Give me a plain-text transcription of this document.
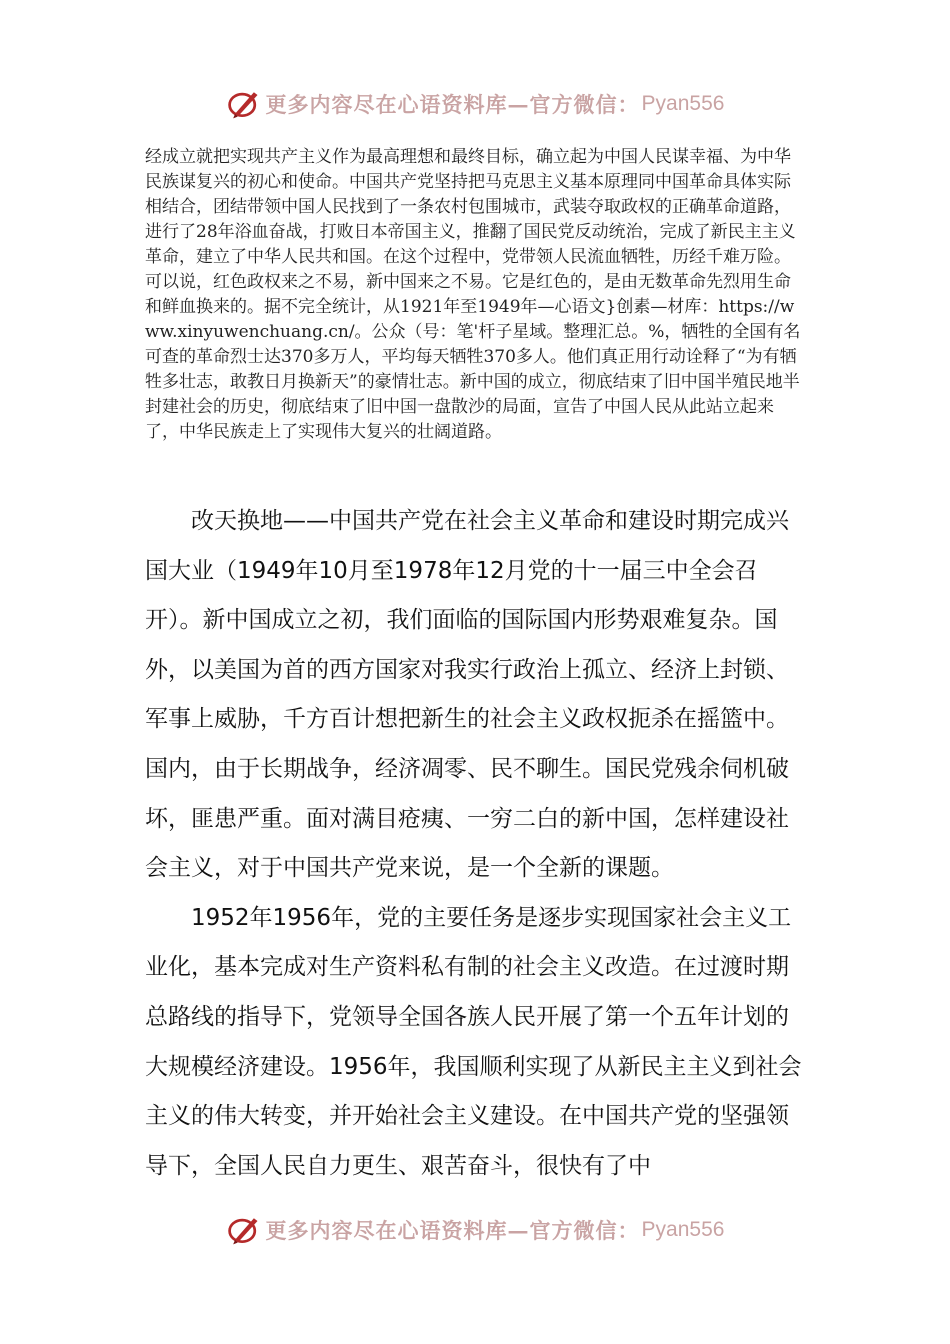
更多内容尽在心语资料库—官方微信： Pyan556

经成立就把实现共产主义作为最高理想和最终目标，确立起为中国人民谋幸福、为中华民族谋复兴的初心和使命。中国共产党坚持把马克思主义基本原理同中国革命具体实际相结合，团结带领中国人民找到了一条农村包围城市，武装夺取政权的正确革命道路，进行了28年浴血奋战，打败日本帝国主义，推翻了国民党反动统治，完成了新民主主义革命，建立了中华人民共和国。在这个过程中，党带领人民流血牺牲，历经千难万险。可以说，红色政权来之不易，新中国来之不易。它是红色的，是由无数革命先烈用生命和鲜血换来的。据不完全统计，从1921年至1949年—心语文}创素—材库：https://www.xinyuwenchuang.cn/。公众（号：笔'杆子星域。整理汇总。%，牺牲的全国有名可查的革命烈士达370多万人，平均每天牺牲370多人。他们真正用行动诠释了“为有牺牲多壮志，敢教日月换新天”的豪情壮志。新中国的成立，彻底结束了旧中国半殖民地半封建社会的历史，彻底结束了旧中国一盘散沙的局面，宣告了中国人民从此站立起来了，中华民族走上了实现伟大复兴的壮阔道路。

改天换地——中国共产党在社会主义革命和建设时期完成兴国大业（1949年10月至1978年12月党的十一届三中全会召开）。新中国成立之初，我们面临的国际国内形势艰难复杂。国外，以美国为首的西方国家对我实行政治上孤立、经济上封锁、军事上威胁，千方百计想把新生的社会主义政权扼杀在摇篮中。国内，由于长期战争，经济凋零、民不聊生。国民党残余伺机破坏，匪患严重。面对满目疮痍、一穷二白的新中国，怎样建设社会主义，对于中国共产党来说，是一个全新的课题。

1952年1956年，党的主要任务是逐步实现国家社会主义工业化，基本完成对生产资料私有制的社会主义改造。在过渡时期总路线的指导下，党领导全国各族人民开展了第一个五年计划的大规模经济建设。1956年，我国顺利实现了从新民主主义到社会主义的伟大转变，并开始社会主义建设。在中国共产党的坚强领导下，全国人民自力更生、艰苦奋斗，很快有了中

更多内容尽在心语资料库—官方微信： Pyan556
